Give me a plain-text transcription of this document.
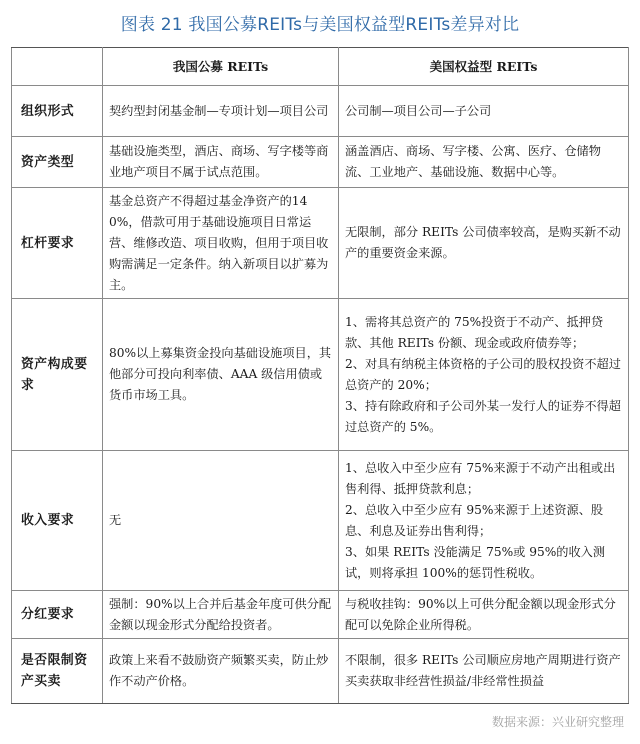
图表 21 我国公募REITs与美国权益型REITs差异对比
	我国公募 REITs	美国权益型 REITs
组织形式	契约型封闭基金制—专项计划—项目公司	公司制—项目公司—子公司
资产类型	基础设施类型，酒店、商场、写字楼等商业地产项目不属于试点范围。	涵盖酒店、商场、写字楼、公寓、医疗、仓储物流、工业地产、基础设施、数据中心等。
杠杆要求	基金总资产不得超过基金净资产的140%，借款可用于基础设施项目日常运营、维修改造、项目收购，但用于项目收购需满足一定条件。纳入新项目以扩募为主。	无限制，部分 REITs 公司债率较高，是购买新不动产的重要资金来源。
资产构成要求	80%以上募集资金投向基础设施项目，其他部分可投向利率债、AAA 级信用债或货币市场工具。	1、需将其总资产的 75%投资于不动产、抵押贷款、其他 REITs 份额、现金或政府债券等；
2、对具有纳税主体资格的子公司的股权投资不超过总资产的 20%；
3、持有除政府和子公司外某一发行人的证券不得超过总资产的 5%。
收入要求	无	1、总收入中至少应有 75%来源于不动产出租或出售利得、抵押贷款利息；
2、总收入中至少应有 95%来源于上述资源、股息、利息及证券出售利得；
3、如果 REITs 没能满足 75%或 95%的收入测试，则将承担 100%的惩罚性税收。
分红要求	强制：90%以上合并后基金年度可供分配金额以现金形式分配给投资者。	与税收挂钩：90%以上可供分配金额以现金形式分配可以免除企业所得税。
是否限制资产买卖	政策上来看不鼓励资产频繁买卖，防止炒作不动产价格。	不限制，很多 REITs 公司顺应房地产周期进行资产买卖获取非经营性损益/非经常性损益
数据来源：兴业研究整理
